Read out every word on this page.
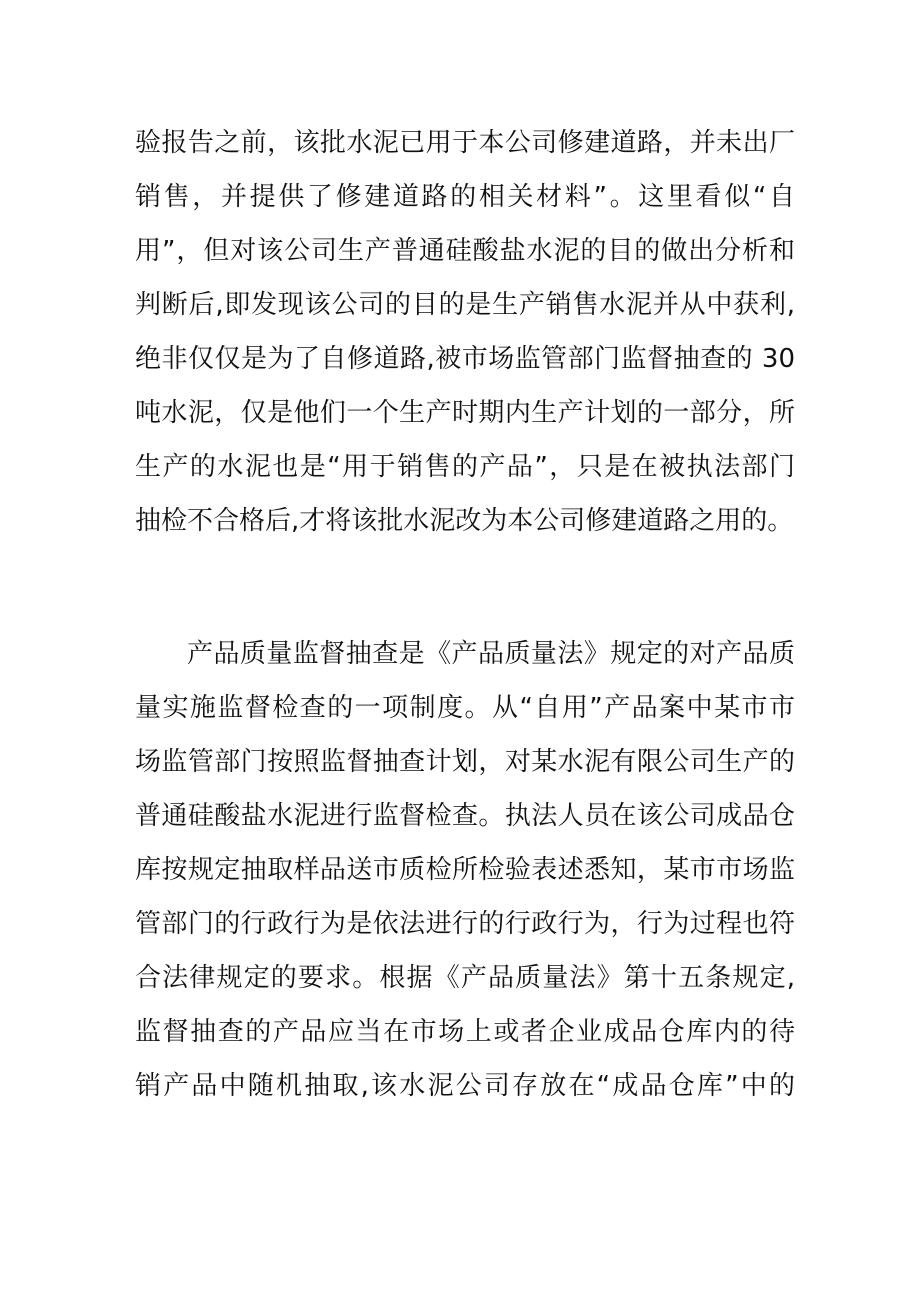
验报告之前，该批水泥已用于本公司修建道路，并未出厂
销售，并提供了修建道路的相关材料”。这里看似“自
用”，但对该公司生产普通硅酸盐水泥的目的做出分析和
判断后,即发现该公司的目的是生产销售水泥并从中获利,
绝非仅仅是为了自修道路,被市场监管部门监督抽查的 30
吨水泥，仅是他们一个生产时期内生产计划的一部分，所
生产的水泥也是“用于销售的产品”，只是在被执法部门
抽检不合格后,才将该批水泥改为本公司修建道路之用的。
产品质量监督抽查是《产品质量法》规定的对产品质
量实施监督检查的一项制度。从“自用”产品案中某市市
场监管部门按照监督抽查计划，对某水泥有限公司生产的
普通硅酸盐水泥进行监督检查。执法人员在该公司成品仓
库按规定抽取样品送市质检所检验表述悉知，某市市场监
管部门的行政行为是依法进行的行政行为，行为过程也符
合法律规定的要求。根据《产品质量法》第十五条规定,
监督抽查的产品应当在市场上或者企业成品仓库内的待
销产品中随机抽取,该水泥公司存放在“成品仓库”中的
